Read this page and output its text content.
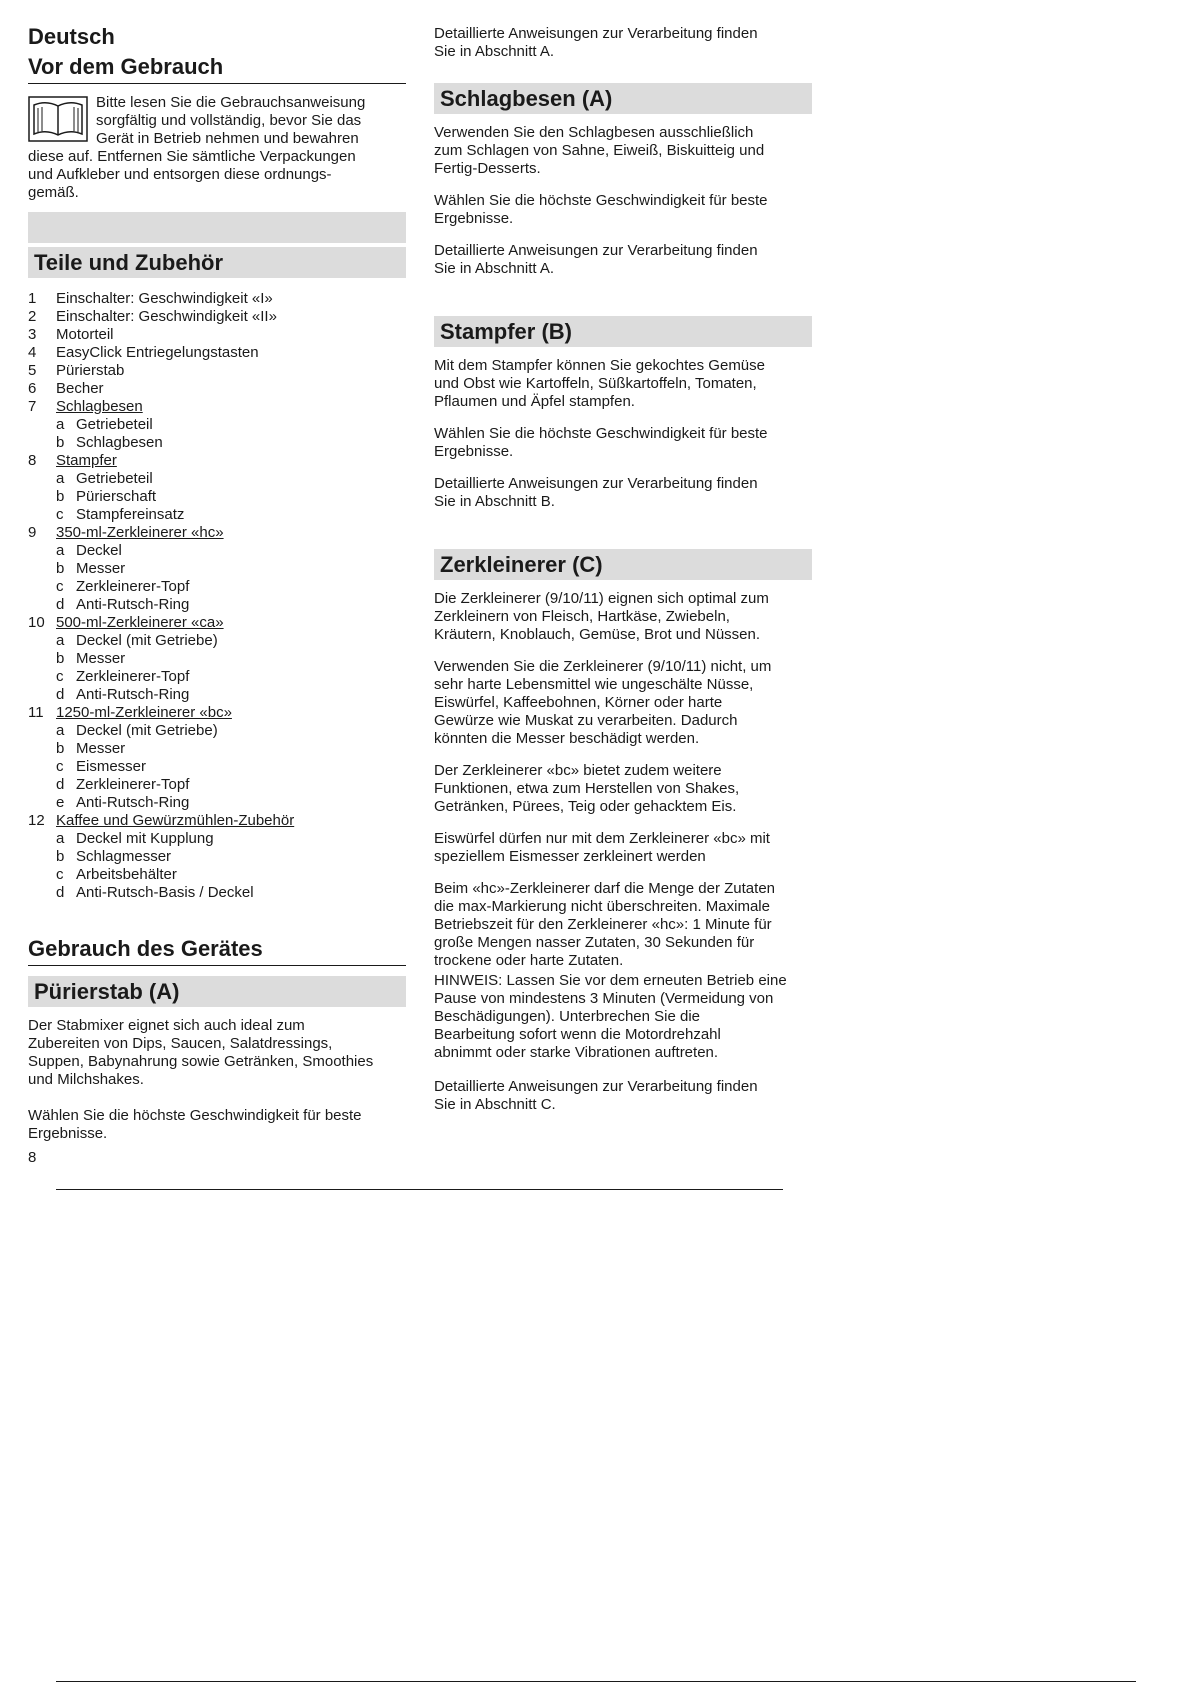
Deutsch
Vor dem Gebrauch
Bitte lesen Sie die Gebrauchsanweisung
sorgfältig und vollständig, bevor Sie das
Gerät in Betrieb nehmen und bewahren
diese auf. Entfernen Sie sämtliche Verpackungen
und Aufkleber und entsorgen diese ordnungs-
gemäß.
Teile und Zubehör
1	Einschalter: Geschwindigkeit «I»
2	Einschalter: Geschwindigkeit «II»
3	Motorteil
4	EasyClick Entriegelungstasten
5	Pürierstab
6	Becher
7	Schlagbesen
a Getriebeteil
b Schlagbesen
8	Stampfer
a Getriebeteil
b Pürierschaft
c Stampfereinsatz
9	350-ml-Zerkleinerer «hc»
a Deckel
b Messer
c Zerkleinerer-Topf
d Anti-Rutsch-Ring
10 500-ml-Zerkleinerer «ca»
a Deckel (mit Getriebe)
b Messer
c Zerkleinerer-Topf
d Anti-Rutsch-Ring
11 1250-ml-Zerkleinerer «bc»
a Deckel (mit Getriebe)
b Messer
c Eismesser
d Zerkleinerer-Topf
e Anti-Rutsch-Ring
12 Kaffee und Gewürzmühlen-Zubehör
a Deckel mit Kupplung
b Schlagmesser
c Arbeitsbehälter
d Anti-Rutsch-Basis / Deckel
Gebrauch des Gerätes
Pürierstab (A)

Der Stabmixer eignet sich auch ideal zum

Zubereiten von Dips, Saucen, Salatdressings,

Suppen, Babynahrung sowie Getränken, Smoothies

und Milchshakes.

Wählen Sie die höchste Geschwindigkeit für beste

Ergebnisse.

8

Detaillierte Anweisungen zur Verarbeitung finden

Sie in Abschnitt A.

Schlagbesen (A)

Verwenden Sie den Schlagbesen ausschließlich

zum Schlagen von Sahne, Eiweiß, Biskuitteig und

Fertig-Desserts.

Wählen Sie die höchste Geschwindigkeit für beste

Ergebnisse.

Detaillierte Anweisungen zur Verarbeitung finden

Sie in Abschnitt A.

Stampfer (B)

Mit dem Stampfer können Sie gekochtes Gemüse

und Obst wie Kartoffeln, Süßkartoffeln, Tomaten,

Pflaumen und Äpfel stampfen.

Wählen Sie die höchste Geschwindigkeit für beste

Ergebnisse.

Detaillierte Anweisungen zur Verarbeitung finden

Sie in Abschnitt B.

Zerkleinerer (C)

Die Zerkleinerer (9/10/11) eignen sich optimal zum

Zerkleinern von Fleisch, Hartkäse, Zwiebeln,

Kräutern, Knoblauch, Gemüse, Brot und Nüssen.

Verwenden Sie die Zerkleinerer (9/10/11) nicht, um

sehr harte Lebensmittel wie ungeschälte Nüsse,

Eiswürfel, Kaffeebohnen, Körner oder harte

Gewürze wie Muskat zu verarbeiten. Dadurch

könnten die Messer beschädigt werden.

Der Zerkleinerer «bc» bietet zudem weitere

Funktionen, etwa zum Herstellen von Shakes,

Getränken, Pürees, Teig oder gehacktem Eis.

Eiswürfel dürfen nur mit dem Zerkleinerer «bc» mit

speziellem Eismesser zerkleinert werden

Beim «hc»-Zerkleinerer darf die Menge der Zutaten

die max-Markierung nicht überschreiten. Maximale

Betriebszeit für den Zerkleinerer «hc»: 1 Minute für

große Mengen nasser Zutaten, 30 Sekunden für

trockene oder harte Zutaten.

HINWEIS: Lassen Sie vor dem erneuten Betrieb eine

Pause von mindestens 3 Minuten (Vermeidung von

Beschädigungen). Unterbrechen Sie die

Bearbeitung sofort wenn die Motordrehzahl

abnimmt oder starke Vibrationen auftreten.

Detaillierte Anweisungen zur Verarbeitung finden

Sie in Abschnitt C.
